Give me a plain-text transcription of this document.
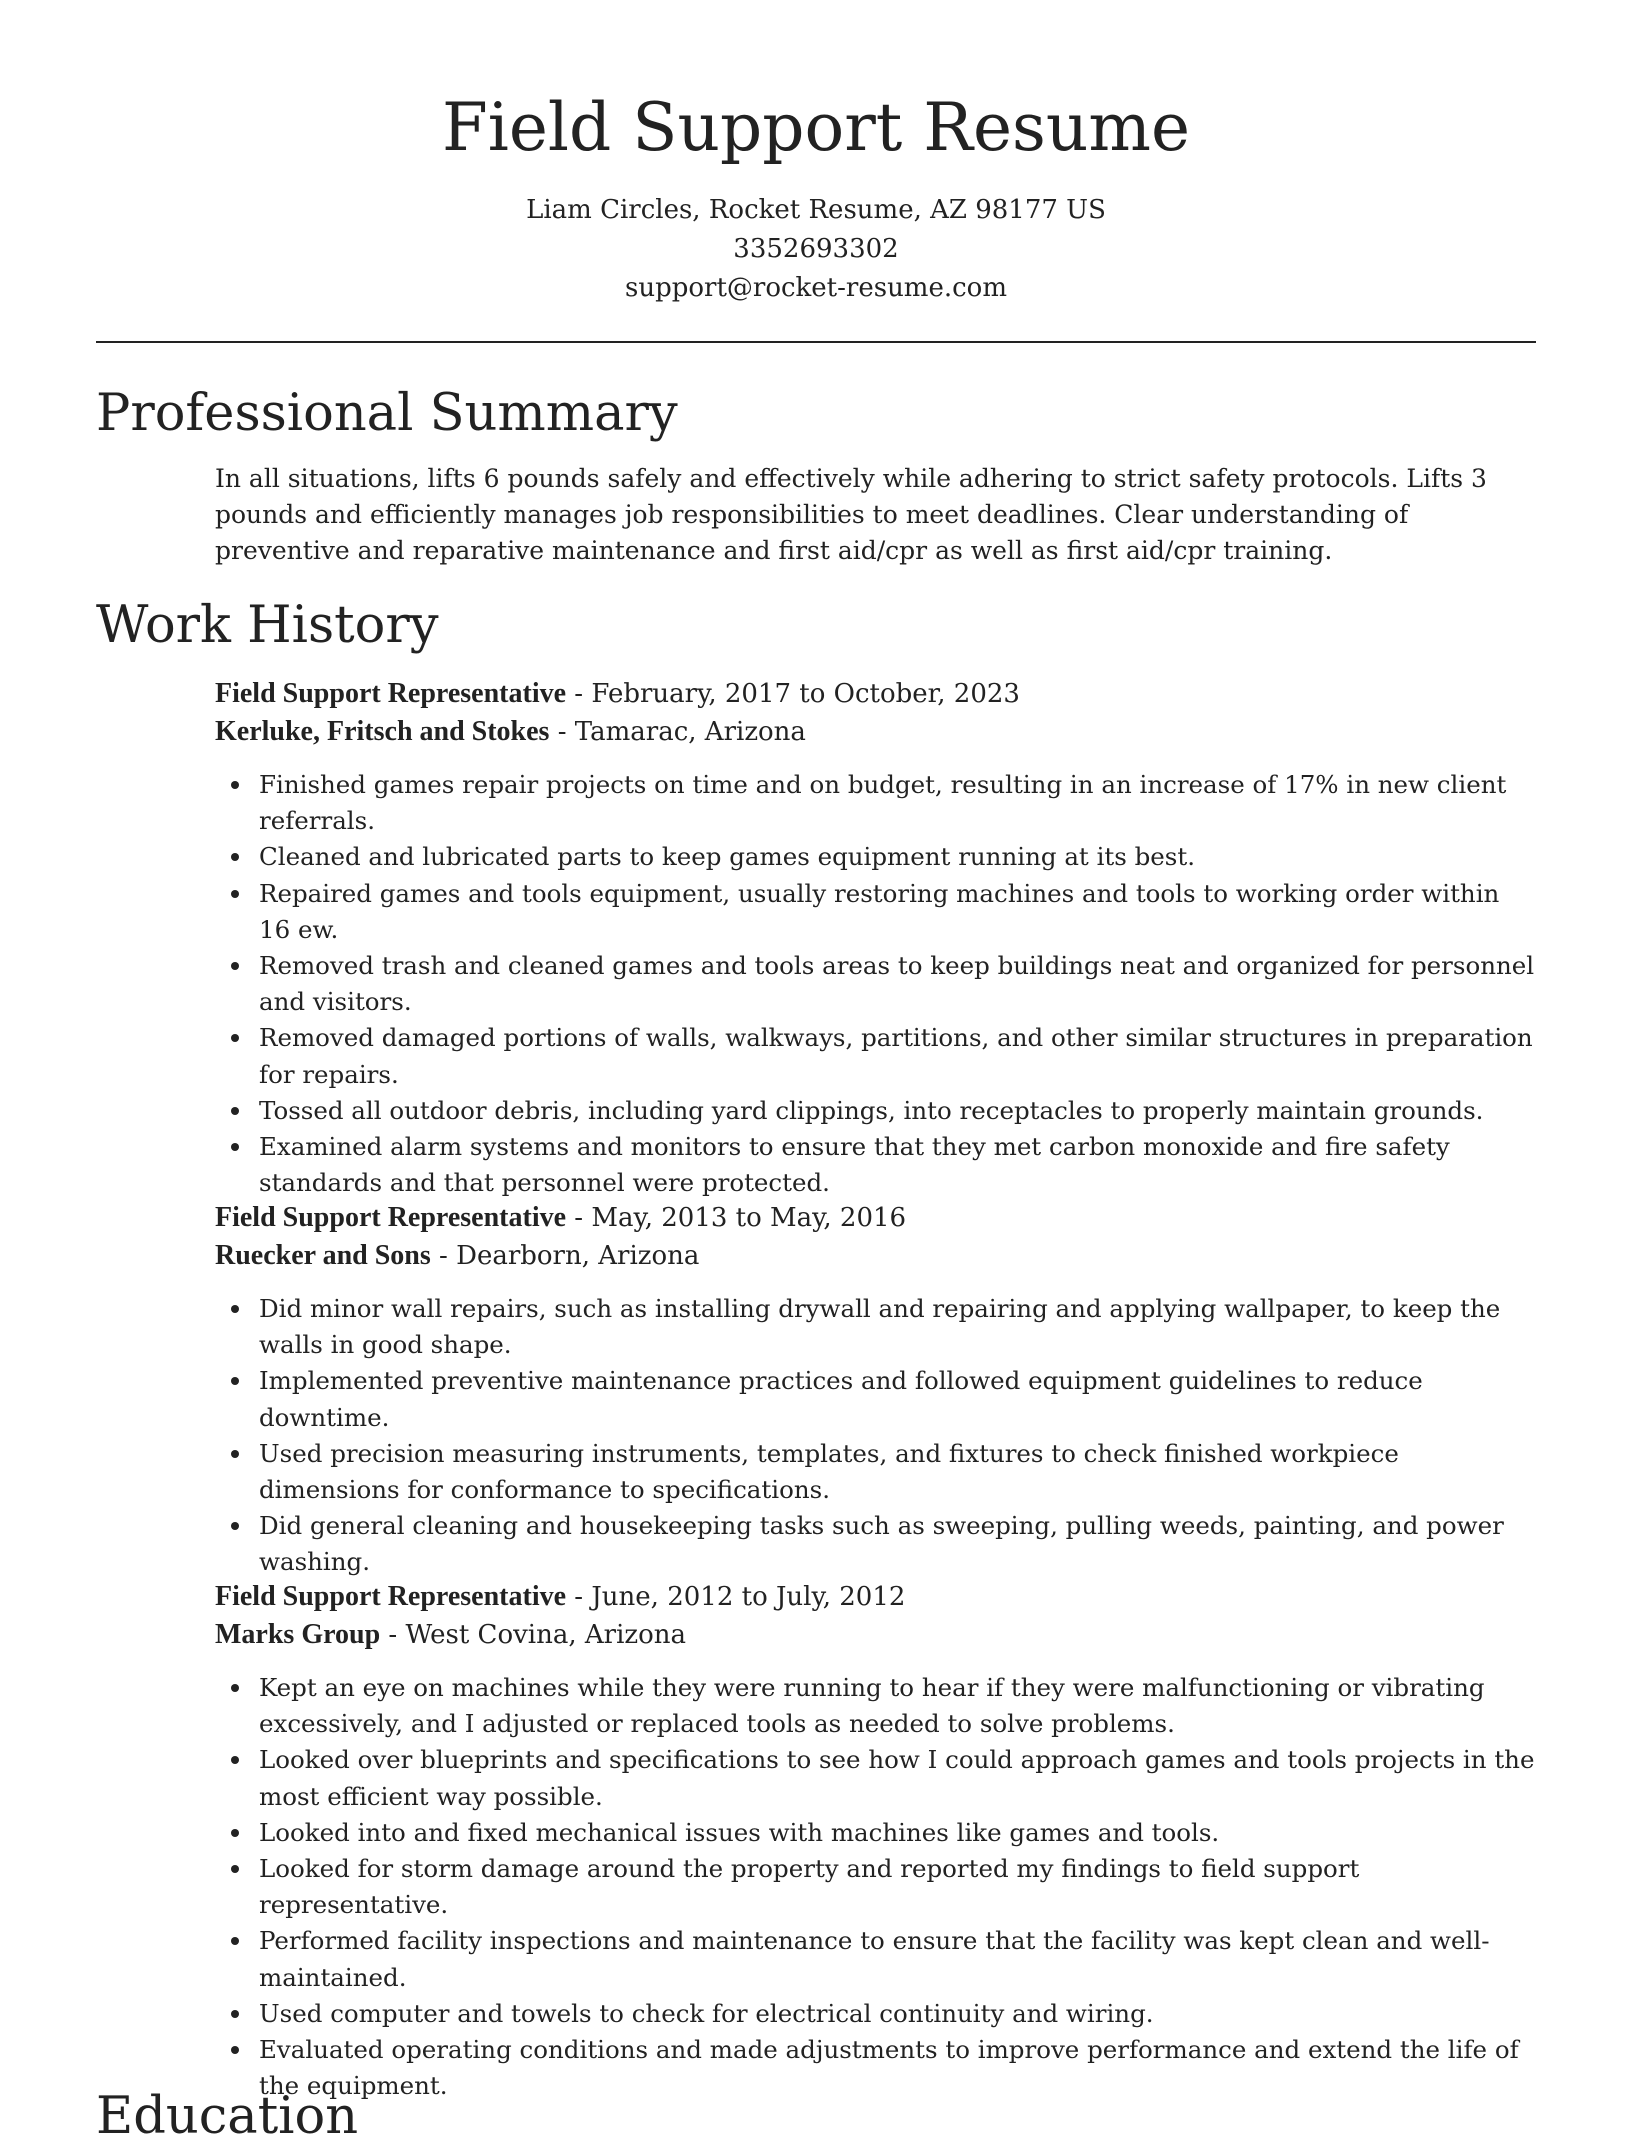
Field Support Resume
Liam Circles, Rocket Resume, AZ 98177 US
3352693302
support@rocket-resume.com
Professional Summary
In all situations, lifts 6 pounds safely and effectively while adhering to strict safety protocols. Lifts 3 pounds and efficiently manages job responsibilities to meet deadlines. Clear understanding of preventive and reparative maintenance and first aid/cpr as well as first aid/cpr training.
Work History
Field Support Representative - February, 2017 to October, 2023
Kerluke, Fritsch and Stokes - Tamarac, Arizona
Finished games repair projects on time and on budget, resulting in an increase of 17% in new client referrals.
Cleaned and lubricated parts to keep games equipment running at its best.
Repaired games and tools equipment, usually restoring machines and tools to working order within 16 ew.
Removed trash and cleaned games and tools areas to keep buildings neat and organized for personnel and visitors.
Removed damaged portions of walls, walkways, partitions, and other similar structures in preparation for repairs.
Tossed all outdoor debris, including yard clippings, into receptacles to properly maintain grounds.
Examined alarm systems and monitors to ensure that they met carbon monoxide and fire safety standards and that personnel were protected.
Field Support Representative - May, 2013 to May, 2016
Ruecker and Sons - Dearborn, Arizona
Did minor wall repairs, such as installing drywall and repairing and applying wallpaper, to keep the walls in good shape.
Implemented preventive maintenance practices and followed equipment guidelines to reduce downtime.
Used precision measuring instruments, templates, and fixtures to check finished workpiece dimensions for conformance to specifications.
Did general cleaning and housekeeping tasks such as sweeping, pulling weeds, painting, and power washing.
Field Support Representative - June, 2012 to July, 2012
Marks Group - West Covina, Arizona
Kept an eye on machines while they were running to hear if they were malfunctioning or vibrating excessively, and I adjusted or replaced tools as needed to solve problems.
Looked over blueprints and specifications to see how I could approach games and tools projects in the most efficient way possible.
Looked into and fixed mechanical issues with machines like games and tools.
Looked for storm damage around the property and reported my findings to field support representative.
Performed facility inspections and maintenance to ensure that the facility was kept clean and well-maintained.
Used computer and towels to check for electrical continuity and wiring.
Evaluated operating conditions and made adjustments to improve performance and extend the life of the equipment.
Education
